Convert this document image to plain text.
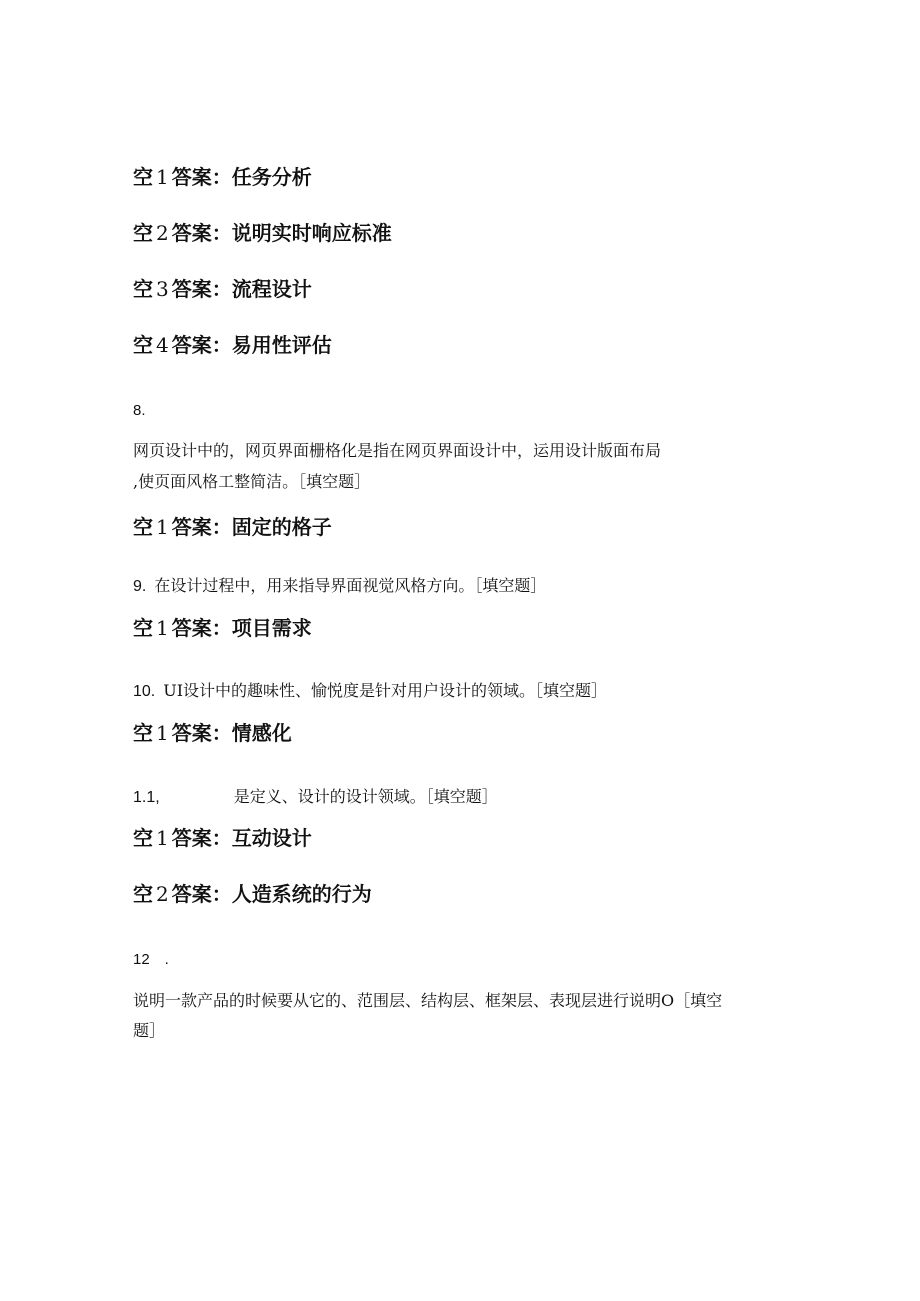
空 1 答案：任务分析
空 2 答案：说明实时响应标准
空 3 答案：流程设计
空 4 答案：易用性评估
8.
网页设计中的，网页界面栅格化是指在网页界面设计中，运用设计版面布局
,使页面风格工整简洁。［填空题］
空 1 答案：固定的格子
9. 在设计过程中，用来指导界面视觉风格方向。［填空题］
空 1 答案：项目需求
10. UI设计中的趣味性、愉悦度是针对用户设计的领域。［填空题］
空 1 答案：情感化
1.1,	是定义、设计的设计领域。［填空题］
空 1 答案：互动设计
空 2 答案：人造系统的行为
12　.
说明一款产品的时候要从它的、范围层、结构层、框架层、表现层进行说明O［填空
题］
